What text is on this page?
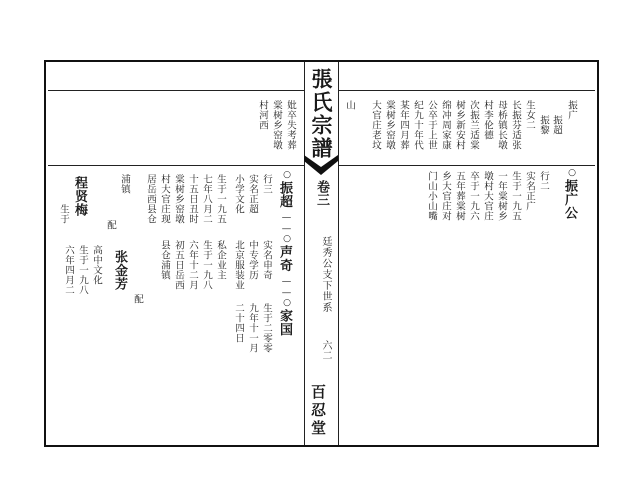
張氏宗譜
卷三
廷秀公支下世系
六二
百忍堂
振广
振超
振黎
生女二
长振芬适张
母桥镇长墩
村李伦德
次振兰适棠
树乡新安村
绵冲周家康
公卒于上世
纪九十年代
某年四月葬
棠树乡窑墩
大官庄老坟
山
○
振广公
行二
实名正广
生于一九五
一年棠树乡
墩村大官庄
卒于一九六
五年葬棠树
乡大官庄对
门山小山嘴
妣卒失考葬
棠树乡窑墩
村河西
○
振超
——
○
声奇
——
○
家国
行三
实名正超
小学文化
生于一九五
七年八月二
十五日丑时
棠树乡窑墩
村大官庄现
居岳西县仓
浦镇
实名申奇
中专学历
北京服装业
私企业主
生于二零零
九年十一月
二十四日
配
张金芳	生于一九八
六年十二月
初五日岳西
县仓浦镇
配
程贤梅
生于
高中文化
生于一九八
六年四月二
